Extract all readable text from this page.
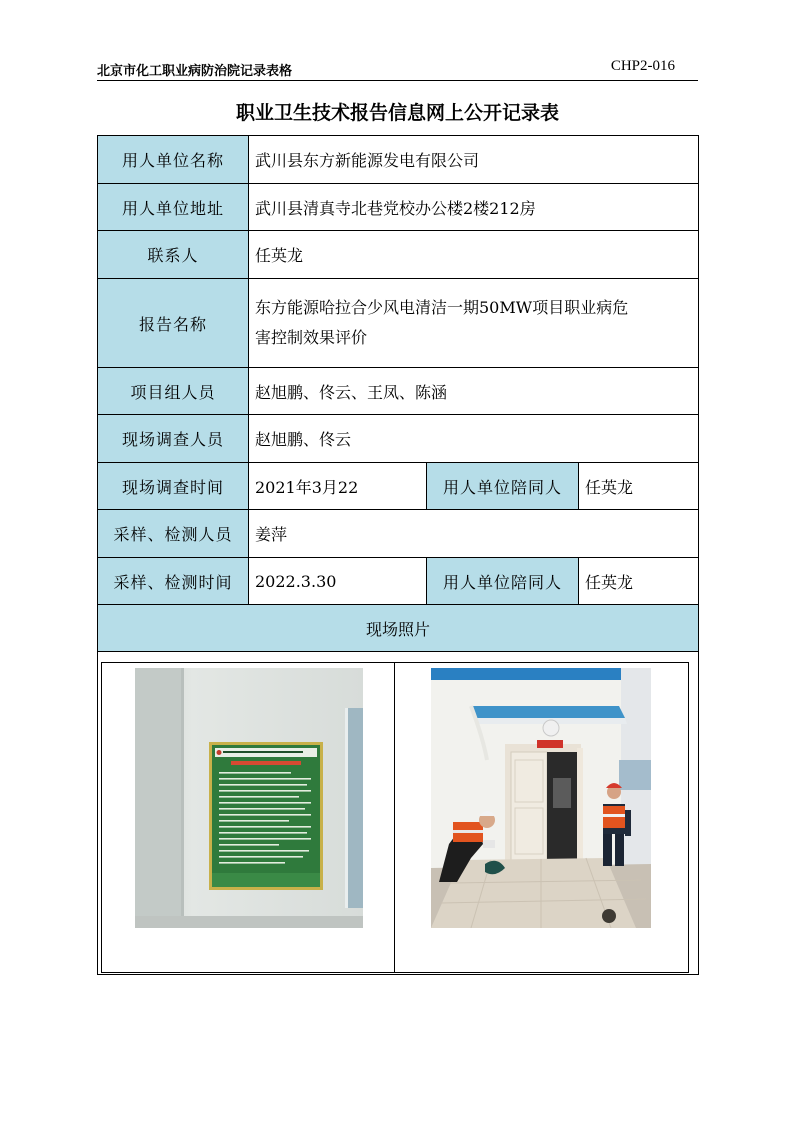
北京市化工职业病防治院记录表格	CHP2-016
职业卫生技术报告信息网上公开记录表
用人单位名称	武川县东方新能源发电有限公司		
用人单位地址	武川县清真寺北巷党校办公楼2楼212房		
联系人	任英龙		
报告名称	东方能源哈拉合少风电清洁一期50MW项目职业病危
害控制效果评价		

项目组人员	赵旭鹏、佟云、王凤、陈涵		
现场调查人员	赵旭鹏、佟云		
现场调查时间	2021年3月22	用人单位陪同人	任英龙
采样、检测人员	姜萍		
采样、检测时间	2022.3.30	用人单位陪同人	任英龙
现场照片			
